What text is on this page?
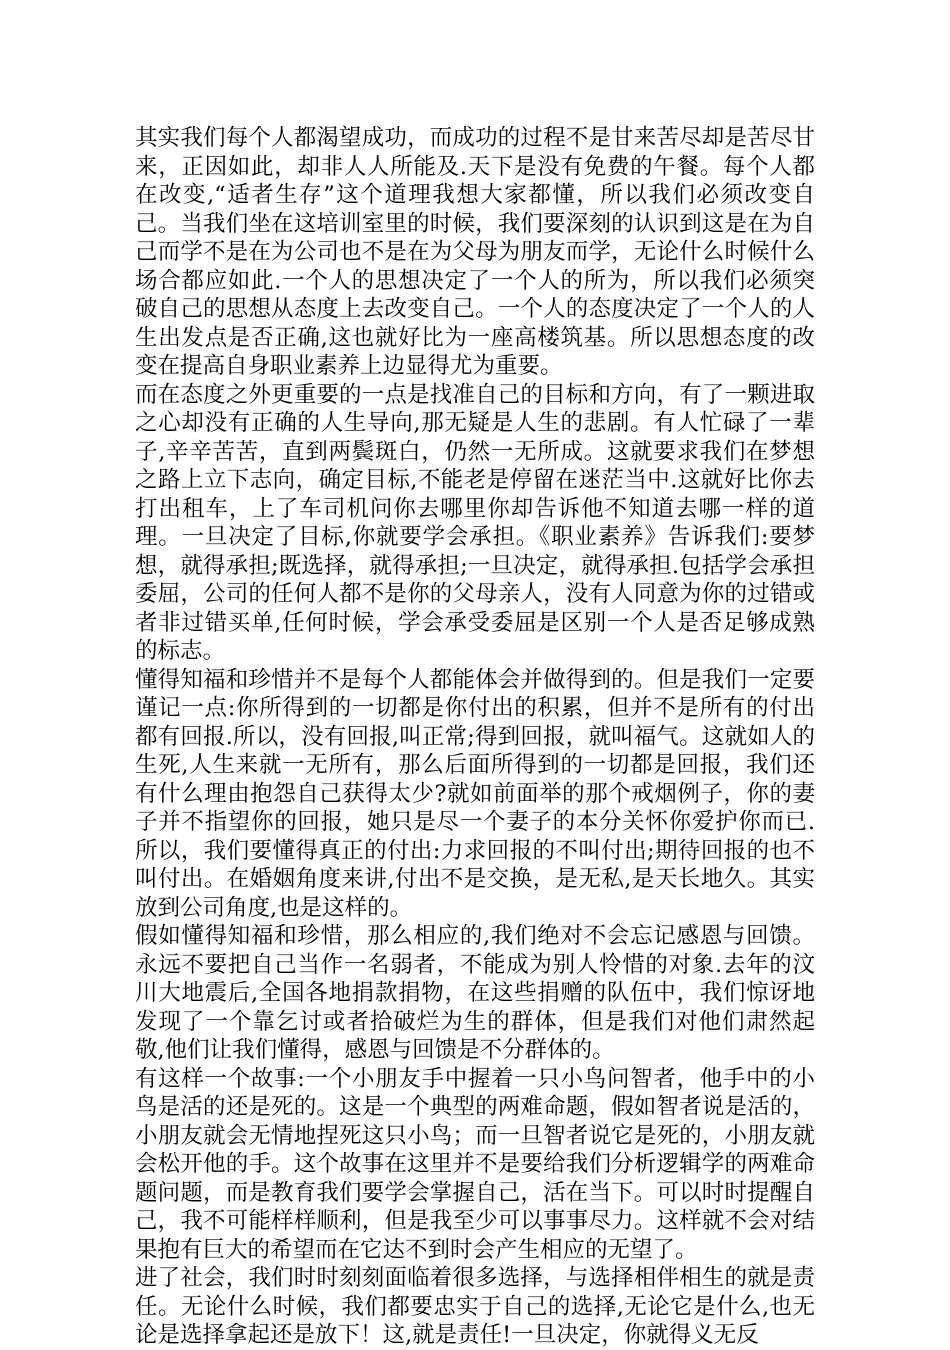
其实我们每个人都渴望成功，而成功的过程不是甘来苦尽却是苦尽甘来，正因如此，却非人人所能及.天下是没有免费的午餐。每个人都在改变,“适者生存”这个道理我想大家都懂，所以我们必须改变自己。当我们坐在这培训室里的时候，我们要深刻的认识到这是在为自己而学不是在为公司也不是在为父母为朋友而学，无论什么时候什么场合都应如此.一个人的思想决定了一个人的所为，所以我们必须突破自己的思想从态度上去改变自己。一个人的态度决定了一个人的人生出发点是否正确,这也就好比为一座高楼筑基。所以思想态度的改变在提高自身职业素养上边显得尤为重要。

而在态度之外更重要的一点是找准自己的目标和方向，有了一颗进取之心却没有正确的人生导向,那无疑是人生的悲剧。有人忙碌了一辈子,辛辛苦苦，直到两鬓斑白，仍然一无所成。这就要求我们在梦想之路上立下志向，确定目标,不能老是停留在迷茫当中.这就好比你去打出租车，上了车司机问你去哪里你却告诉他不知道去哪一样的道理。一旦决定了目标,你就要学会承担。《职业素养》告诉我们:要梦想，就得承担;既选择，就得承担;一旦决定，就得承担.包括学会承担委屈，公司的任何人都不是你的父母亲人，没有人同意为你的过错或者非过错买单,任何时候，学会承受委屈是区别一个人是否足够成熟的标志。

懂得知福和珍惜并不是每个人都能体会并做得到的。但是我们一定要谨记一点:你所得到的一切都是你付出的积累，但并不是所有的付出都有回报.所以，没有回报,叫正常;得到回报，就叫福气。这就如人的生死,人生来就一无所有，那么后面所得到的一切都是回报，我们还有什么理由抱怨自己获得太少?就如前面举的那个戒烟例子，你的妻子并不指望你的回报，她只是尽一个妻子的本分关怀你爱护你而已.所以，我们要懂得真正的付出:力求回报的不叫付出;期待回报的也不叫付出。在婚姻角度来讲,付出不是交换，是无私,是天长地久。其实放到公司角度,也是这样的。

假如懂得知福和珍惜，那么相应的,我们绝对不会忘记感恩与回馈。永远不要把自己当作一名弱者，不能成为别人怜惜的对象.去年的汶川大地震后,全国各地捐款捐物，在这些捐赠的队伍中，我们惊讶地发现了一个靠乞讨或者拾破烂为生的群体，但是我们对他们肃然起敬,他们让我们懂得，感恩与回馈是不分群体的。

有这样一个故事:一个小朋友手中握着一只小鸟问智者，他手中的小鸟是活的还是死的。这是一个典型的两难命题，假如智者说是活的，小朋友就会无情地捏死这只小鸟；而一旦智者说它是死的，小朋友就会松开他的手。这个故事在这里并不是要给我们分析逻辑学的两难命题问题，而是教育我们要学会掌握自己，活在当下。可以时时提醒自己，我不可能样样顺利，但是我至少可以事事尽力。这样就不会对结果抱有巨大的希望而在它达不到时会产生相应的无望了。

进了社会，我们时时刻刻面临着很多选择，与选择相伴相生的就是责任。无论什么时候，我们都要忠实于自己的选择,无论它是什么,也无论是选择拿起还是放下！这,就是责任!一旦决定，你就得义无反
